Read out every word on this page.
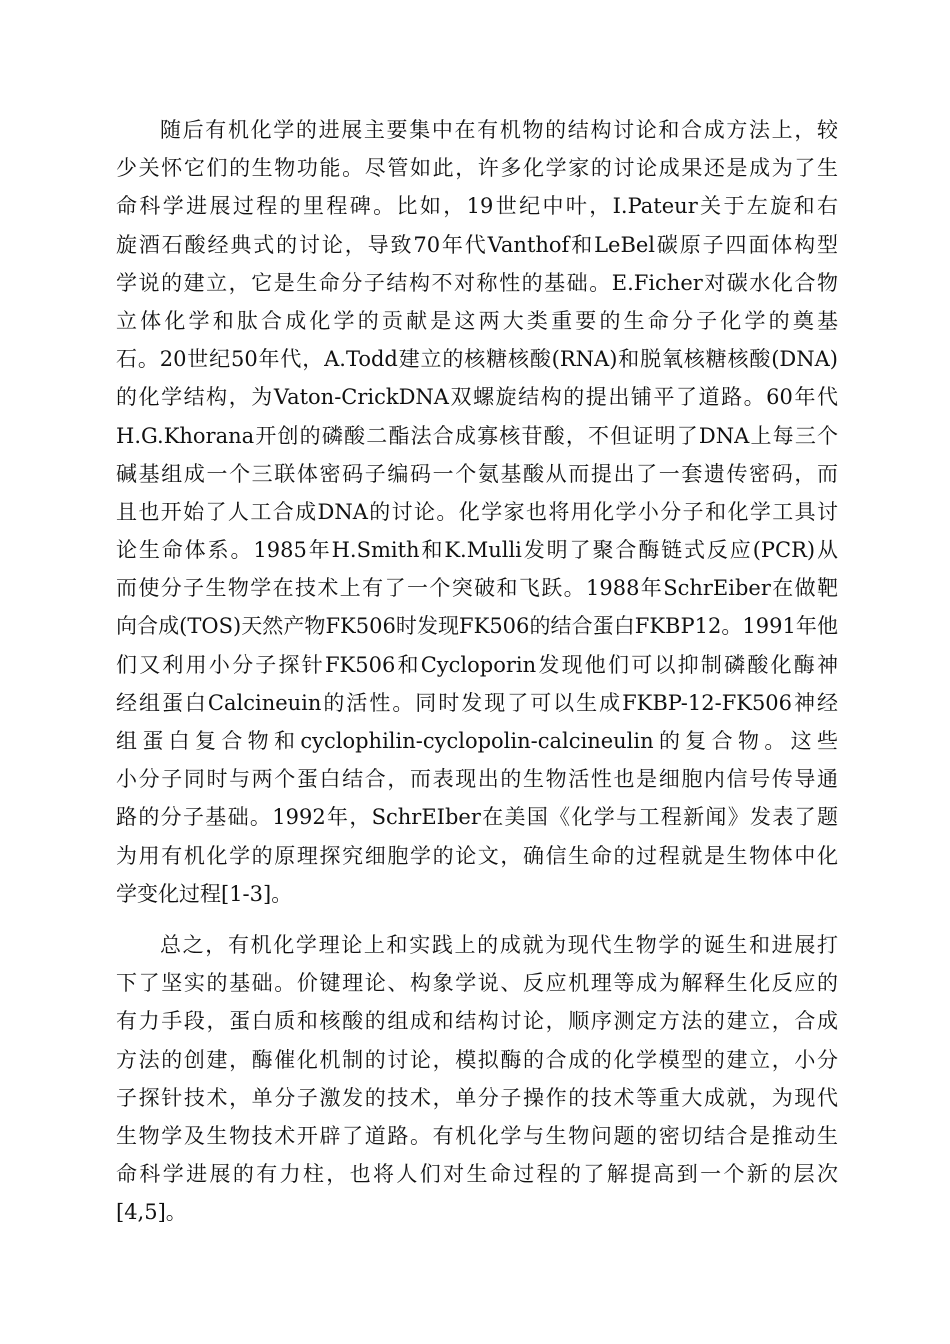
随后有机化学的进展主要集中在有机物的结构讨论和合成方法上，较
少关怀它们的生物功能。尽管如此，许多化学家的讨论成果还是成为了生
命科学进展过程的里程碑。比如，19世纪中叶，I.Pateur关于左旋和右
旋酒石酸经典式的讨论，导致70年代Vanthof和LeBel碳原子四面体构型
学说的建立，它是生命分子结构不对称性的基础。E.Ficher对碳水化合物
立体化学和肽合成化学的贡献是这两大类重要的生命分子化学的奠基
石。20世纪50年代，A.Todd建立的核糖核酸(RNA)和脱氧核糖核酸(DNA)
的化学结构，为Vaton-CrickDNA双螺旋结构的提出铺平了道路。60年代
H.G.Khorana开创的磷酸二酯法合成寡核苷酸，不但证明了DNA上每三个
碱基组成一个三联体密码子编码一个氨基酸从而提出了一套遗传密码，而
且也开始了人工合成DNA的讨论。化学家也将用化学小分子和化学工具讨
论生命体系。1985年H.Smith和K.Mulli发明了聚合酶链式反应(PCR)从
而使分子生物学在技术上有了一个突破和飞跃。1988年SchrEiber在做靶
向合成(TOS)天然产物FK506时发现FK506的结合蛋白FKBP12。1991年他
们又利用小分子探针FK506和Cycloporin发现他们可以抑制磷酸化酶神
经组蛋白Calcineuin的活性。同时发现了可以生成FKBP-12-FK506神经
组蛋白复合物和cyclophilin-cyclopolin-calcineulin的复合物。这些
小分子同时与两个蛋白结合，而表现出的生物活性也是细胞内信号传导通
路的分子基础。1992年，SchrEIber在美国《化学与工程新闻》发表了题
为用有机化学的原理探究细胞学的论文，确信生命的过程就是生物体中化
学变化过程[1-3]。
总之，有机化学理论上和实践上的成就为现代生物学的诞生和进展打
下了坚实的基础。价键理论、构象学说、反应机理等成为解释生化反应的
有力手段，蛋白质和核酸的组成和结构讨论，顺序测定方法的建立，合成
方法的创建，酶催化机制的讨论，模拟酶的合成的化学模型的建立，小分
子探针技术，单分子激发的技术，单分子操作的技术等重大成就，为现代
生物学及生物技术开辟了道路。有机化学与生物问题的密切结合是推动生
命科学进展的有力柱，也将人们对生命过程的了解提高到一个新的层次
[4,5]。
